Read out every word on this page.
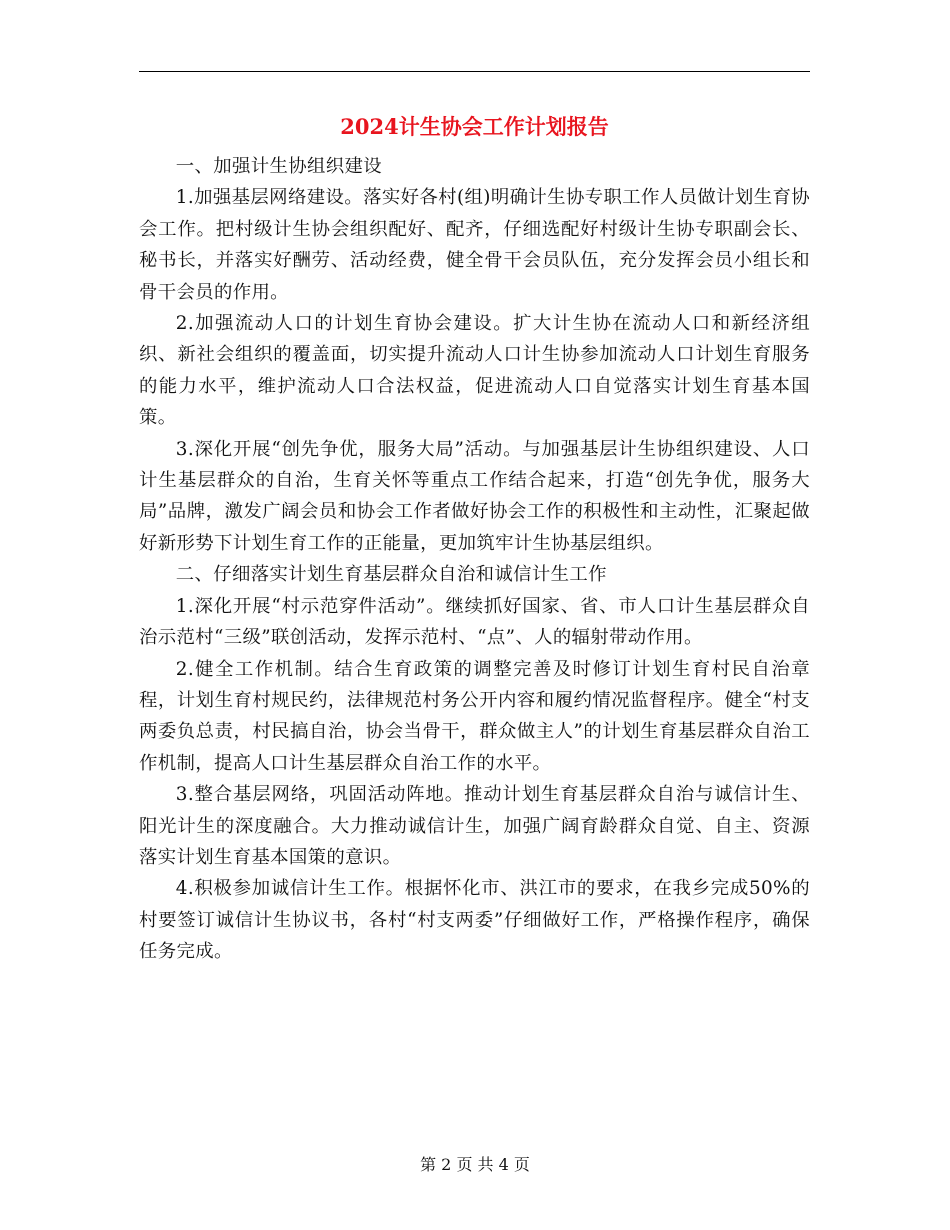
2024计生协会工作计划报告

一、加强计生协组织建设

1.加强基层网络建设。落实好各村(组)明确计生协专职工作人员做计划生育协会工作。把村级计生协会组织配好、配齐，仔细选配好村级计生协专职副会长、秘书长，并落实好酬劳、活动经费，健全骨干会员队伍，充分发挥会员小组长和骨干会员的作用。

2.加强流动人口的计划生育协会建设。扩大计生协在流动人口和新经济组织、新社会组织的覆盖面，切实提升流动人口计生协参加流动人口计划生育服务的能力水平，维护流动人口合法权益，促进流动人口自觉落实计划生育基本国策。

3.深化开展“创先争优，服务大局”活动。与加强基层计生协组织建设、人口计生基层群众的自治，生育关怀等重点工作结合起来，打造“创先争优，服务大局”品牌，激发广阔会员和协会工作者做好协会工作的积极性和主动性，汇聚起做好新形势下计划生育工作的正能量，更加筑牢计生协基层组织。

二、仔细落实计划生育基层群众自治和诚信计生工作

1.深化开展“村示范穿件活动”。继续抓好国家、省、市人口计生基层群众自治示范村“三级”联创活动，发挥示范村、“点”、人的辐射带动作用。

2.健全工作机制。结合生育政策的调整完善及时修订计划生育村民自治章程，计划生育村规民约，法律规范村务公开内容和履约情况监督程序。健全“村支两委负总责，村民搞自治，协会当骨干，群众做主人”的计划生育基层群众自治工作机制，提高人口计生基层群众自治工作的水平。

3.整合基层网络，巩固活动阵地。推动计划生育基层群众自治与诚信计生、阳光计生的深度融合。大力推动诚信计生，加强广阔育龄群众自觉、自主、资源落实计划生育基本国策的意识。

4.积极参加诚信计生工作。根据怀化市、洪江市的要求，在我乡完成50%的村要签订诚信计生协议书，各村“村支两委”仔细做好工作，严格操作程序，确保任务完成。

第 2 页 共 4 页
